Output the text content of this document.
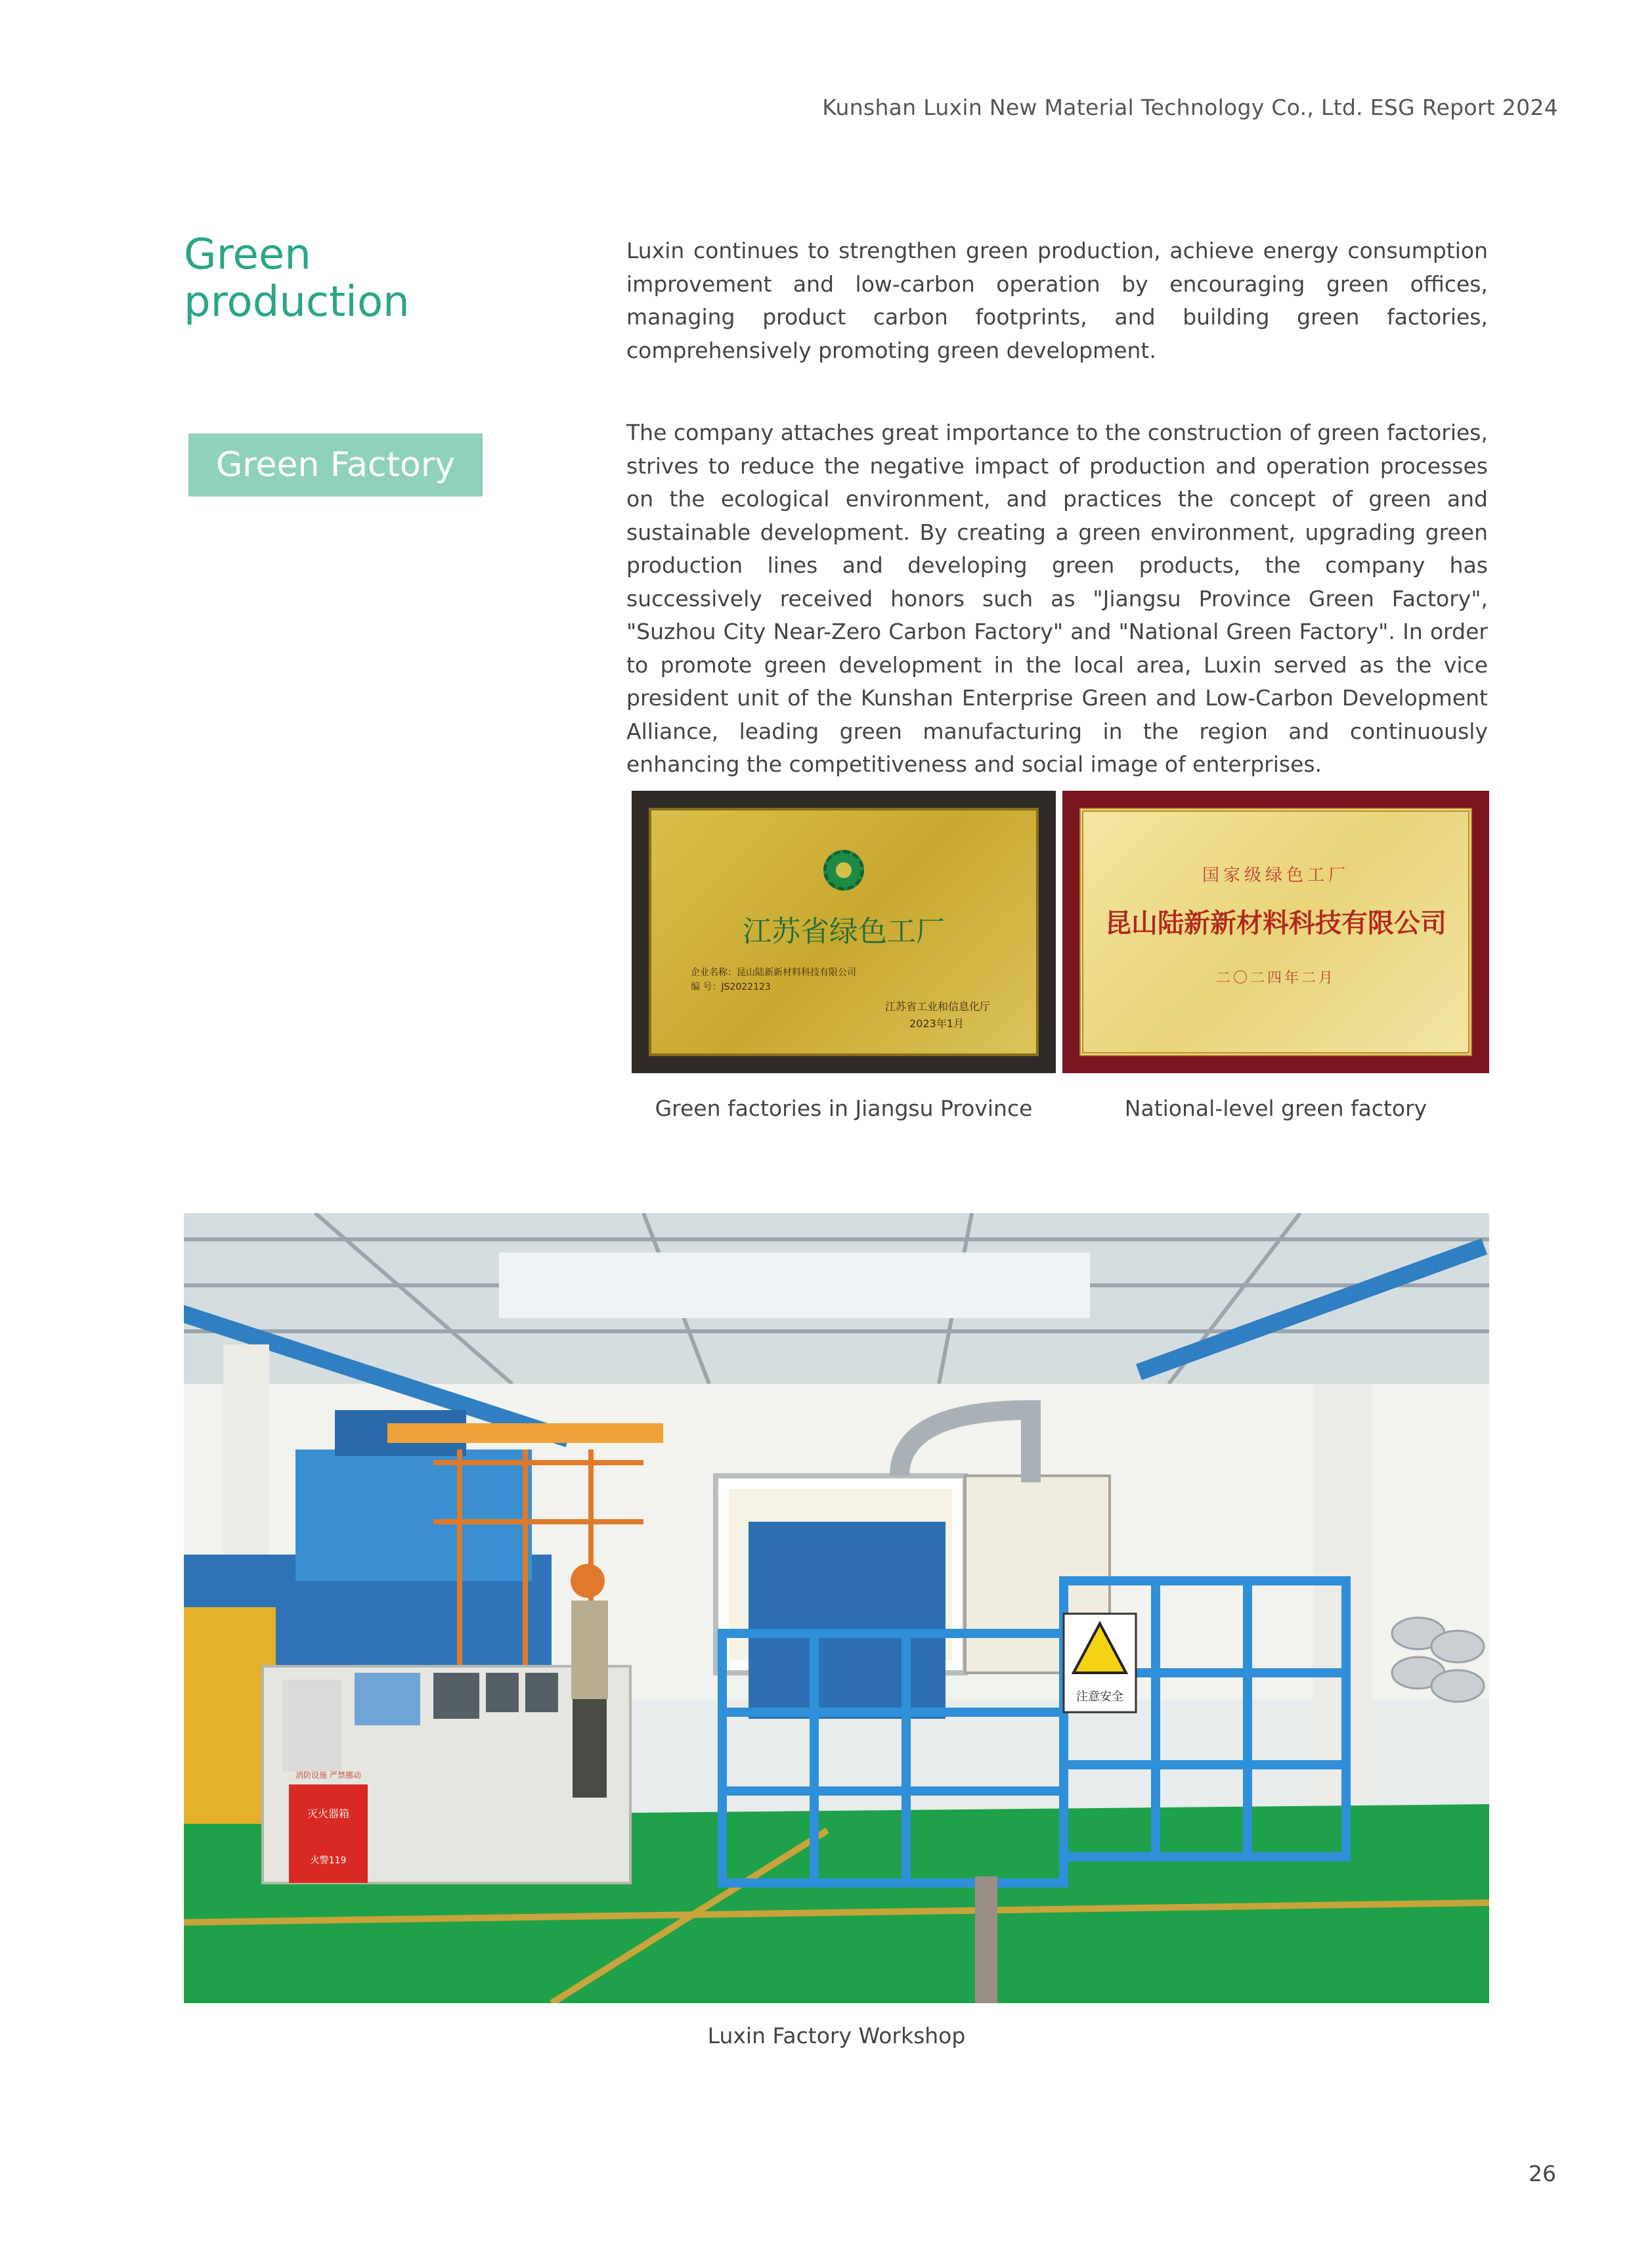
Kunshan Luxin New Material Technology Co., Ltd. ESG Report 2024
Green
production
Green Factory
Luxin continues to strengthen green production, achieve energy consumption improvement and low-carbon operation by encouraging green offices, managing product carbon footprints, and building green factories, comprehensively promoting green development.
The company attaches great importance to the construction of green factories, strives to reduce the negative impact of production and operation processes on the ecological environment, and practices the concept of green and sustainable development. By creating a green environment, upgrading green production lines and developing green products, the company has successively received honors such as "Jiangsu Province Green Factory", "Suzhou City Near-Zero Carbon Factory" and "National Green Factory". In order to promote green development in the local area, Luxin served as the vice president unit of the Kunshan Enterprise Green and Low-Carbon Development Alliance, leading green manufacturing in the region and continuously enhancing the competitiveness and social image of enterprises.
江苏省绿色工厂
企业名称：昆山陆新新材料科技有限公司
编 号：JS2022123
江苏省工业和信息化厅
2023年1月
国家级绿色工厂
昆山陆新新材料科技有限公司
二〇二四年二月
Green factories in Jiangsu Province	National-level green factory
注意安全
灭火器箱
火警119
消防设施 严禁挪动
Luxin Factory Workshop
26
